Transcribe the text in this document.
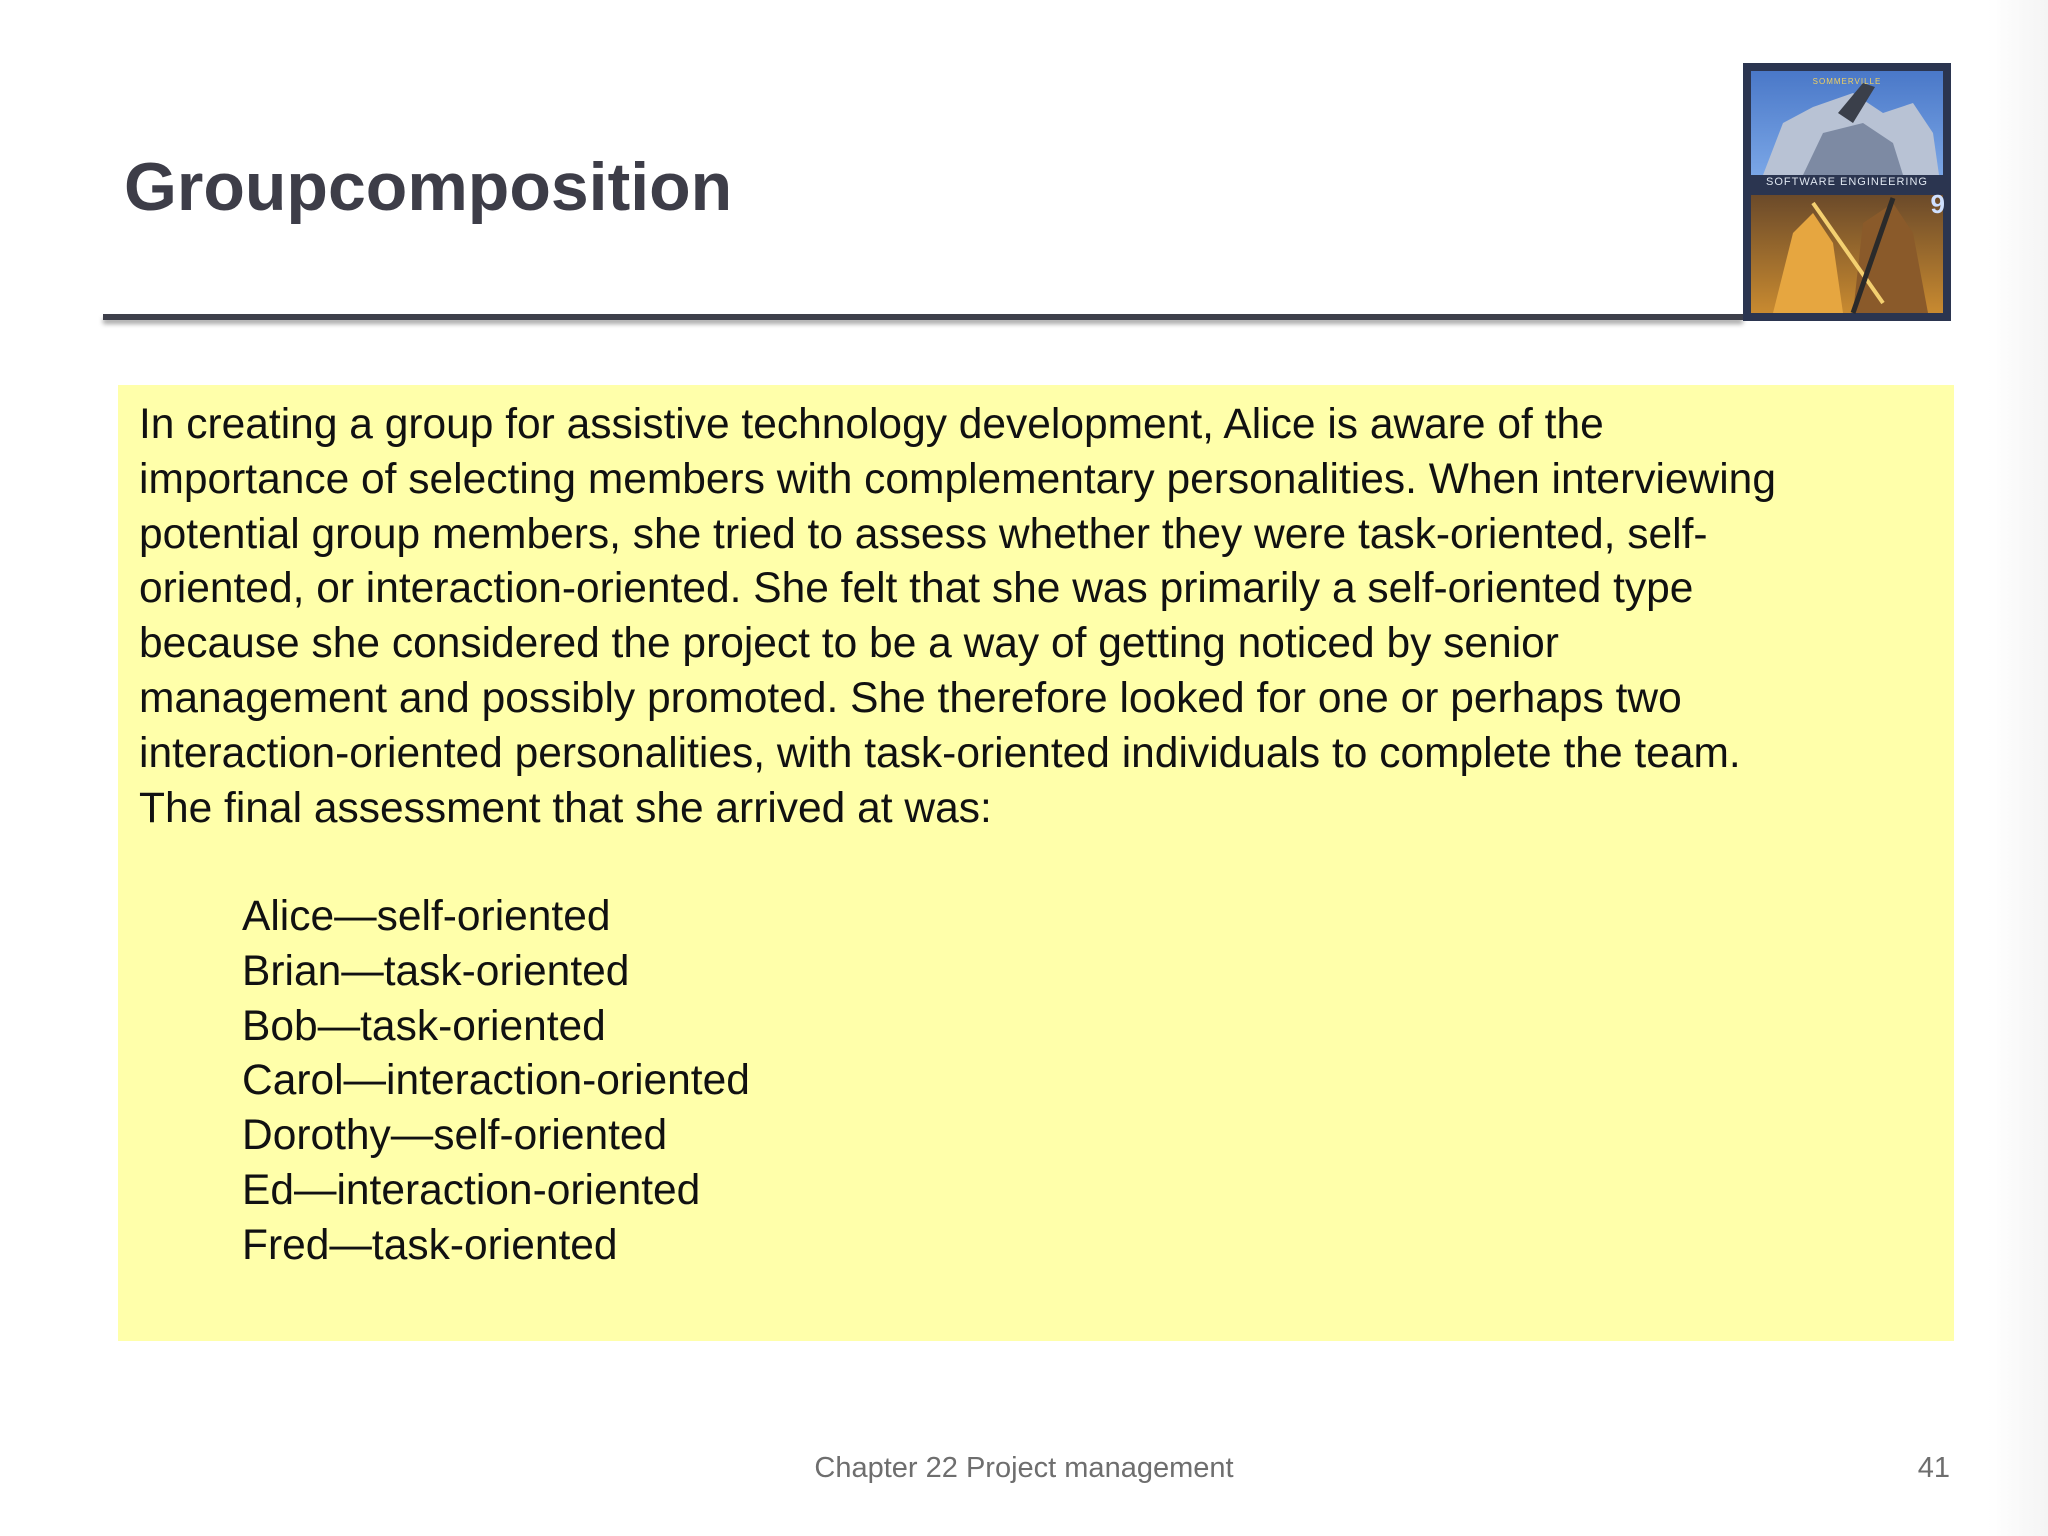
Groupcomposition
SOMMERVILLE
SOFTWARE ENGINEERING
9

In creating a group for assistive technology development, Alice is aware of the
importance of selecting members with complementary personalities. When interviewing
potential group members, she tried to assess whether they were task-oriented, self-
oriented, or interaction-oriented. She felt that she was primarily a self-oriented type
because she considered the project to be a way of getting noticed by senior
management and possibly promoted. She therefore looked for one or perhaps two
interaction-oriented personalities, with task-oriented individuals to complete the team.
The final assessment that she arrived at was:

Alice—self-oriented
Brian—task-oriented
Bob—task-oriented
Carol—interaction-oriented
Dorothy—self-oriented
Ed—interaction-oriented
Fred—task-oriented
Chapter 22 Project management	41
